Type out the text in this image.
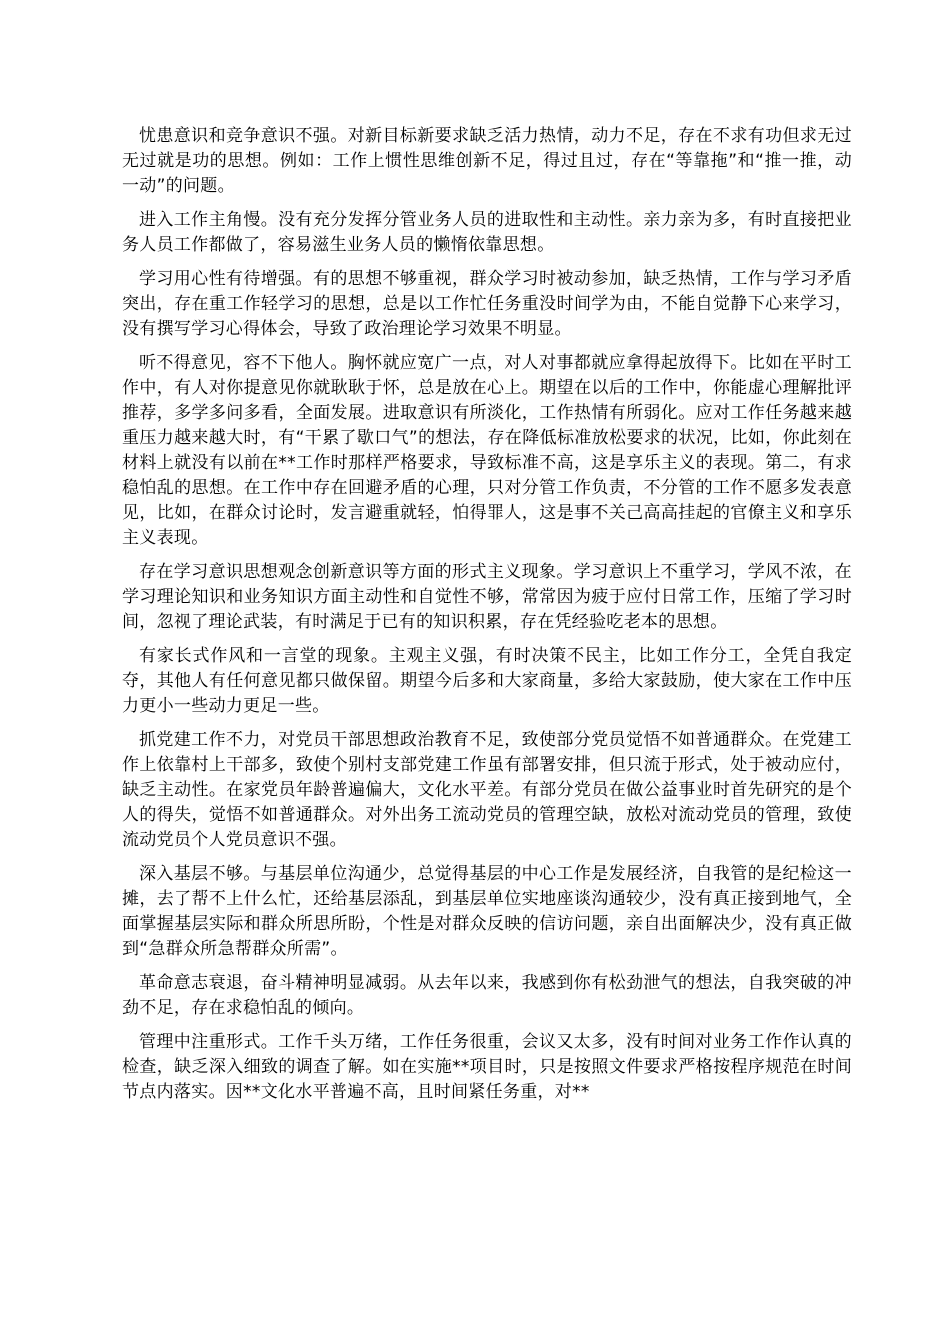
忧患意识和竞争意识不强。对新目标新要求缺乏活力热情，动力不足，存在不求有功但求无过无过就是功的思想。例如：工作上惯性思维创新不足，得过且过，存在“等靠拖”和“推一推，动一动”的问题。

进入工作主角慢。没有充分发挥分管业务人员的进取性和主动性。亲力亲为多，有时直接把业务人员工作都做了，容易滋生业务人员的懒惰依靠思想。

学习用心性有待增强。有的思想不够重视，群众学习时被动参加，缺乏热情，工作与学习矛盾突出，存在重工作轻学习的思想，总是以工作忙任务重没时间学为由，不能自觉静下心来学习，没有撰写学习心得体会，导致了政治理论学习效果不明显。

听不得意见，容不下他人。胸怀就应宽广一点，对人对事都就应拿得起放得下。比如在平时工作中，有人对你提意见你就耿耿于怀，总是放在心上。期望在以后的工作中，你能虚心理解批评推荐，多学多问多看，全面发展。进取意识有所淡化，工作热情有所弱化。应对工作任务越来越重压力越来越大时，有“干累了歇口气”的想法，存在降低标准放松要求的状况，比如，你此刻在材料上就没有以前在**工作时那样严格要求，导致标准不高，这是享乐主义的表现。第二，有求稳怕乱的思想。在工作中存在回避矛盾的心理，只对分管工作负责，不分管的工作不愿多发表意见，比如，在群众讨论时，发言避重就轻，怕得罪人，这是事不关己高高挂起的官僚主义和享乐主义表现。

存在学习意识思想观念创新意识等方面的形式主义现象。学习意识上不重学习，学风不浓，在学习理论知识和业务知识方面主动性和自觉性不够，常常因为疲于应付日常工作，压缩了学习时间，忽视了理论武装，有时满足于已有的知识积累，存在凭经验吃老本的思想。

有家长式作风和一言堂的现象。主观主义强，有时决策不民主，比如工作分工，全凭自我定夺，其他人有任何意见都只做保留。期望今后多和大家商量，多给大家鼓励，使大家在工作中压力更小一些动力更足一些。

抓党建工作不力，对党员干部思想政治教育不足，致使部分党员觉悟不如普通群众。在党建工作上依靠村上干部多，致使个别村支部党建工作虽有部署安排，但只流于形式，处于被动应付，缺乏主动性。在家党员年龄普遍偏大，文化水平差。有部分党员在做公益事业时首先研究的是个人的得失，觉悟不如普通群众。对外出务工流动党员的管理空缺，放松对流动党员的管理，致使流动党员个人党员意识不强。

深入基层不够。与基层单位沟通少，总觉得基层的中心工作是发展经济，自我管的是纪检这一摊，去了帮不上什么忙，还给基层添乱，到基层单位实地座谈沟通较少，没有真正接到地气，全面掌握基层实际和群众所思所盼，个性是对群众反映的信访问题，亲自出面解决少，没有真正做到“急群众所急帮群众所需”。

革命意志衰退，奋斗精神明显减弱。从去年以来，我感到你有松劲泄气的想法，自我突破的冲劲不足，存在求稳怕乱的倾向。

管理中注重形式。工作千头万绪，工作任务很重，会议又太多，没有时间对业务工作作认真的检查，缺乏深入细致的调查了解。如在实施**项目时，只是按照文件要求严格按程序规范在时间节点内落实。因**文化水平普遍不高，且时间紧任务重，对**
